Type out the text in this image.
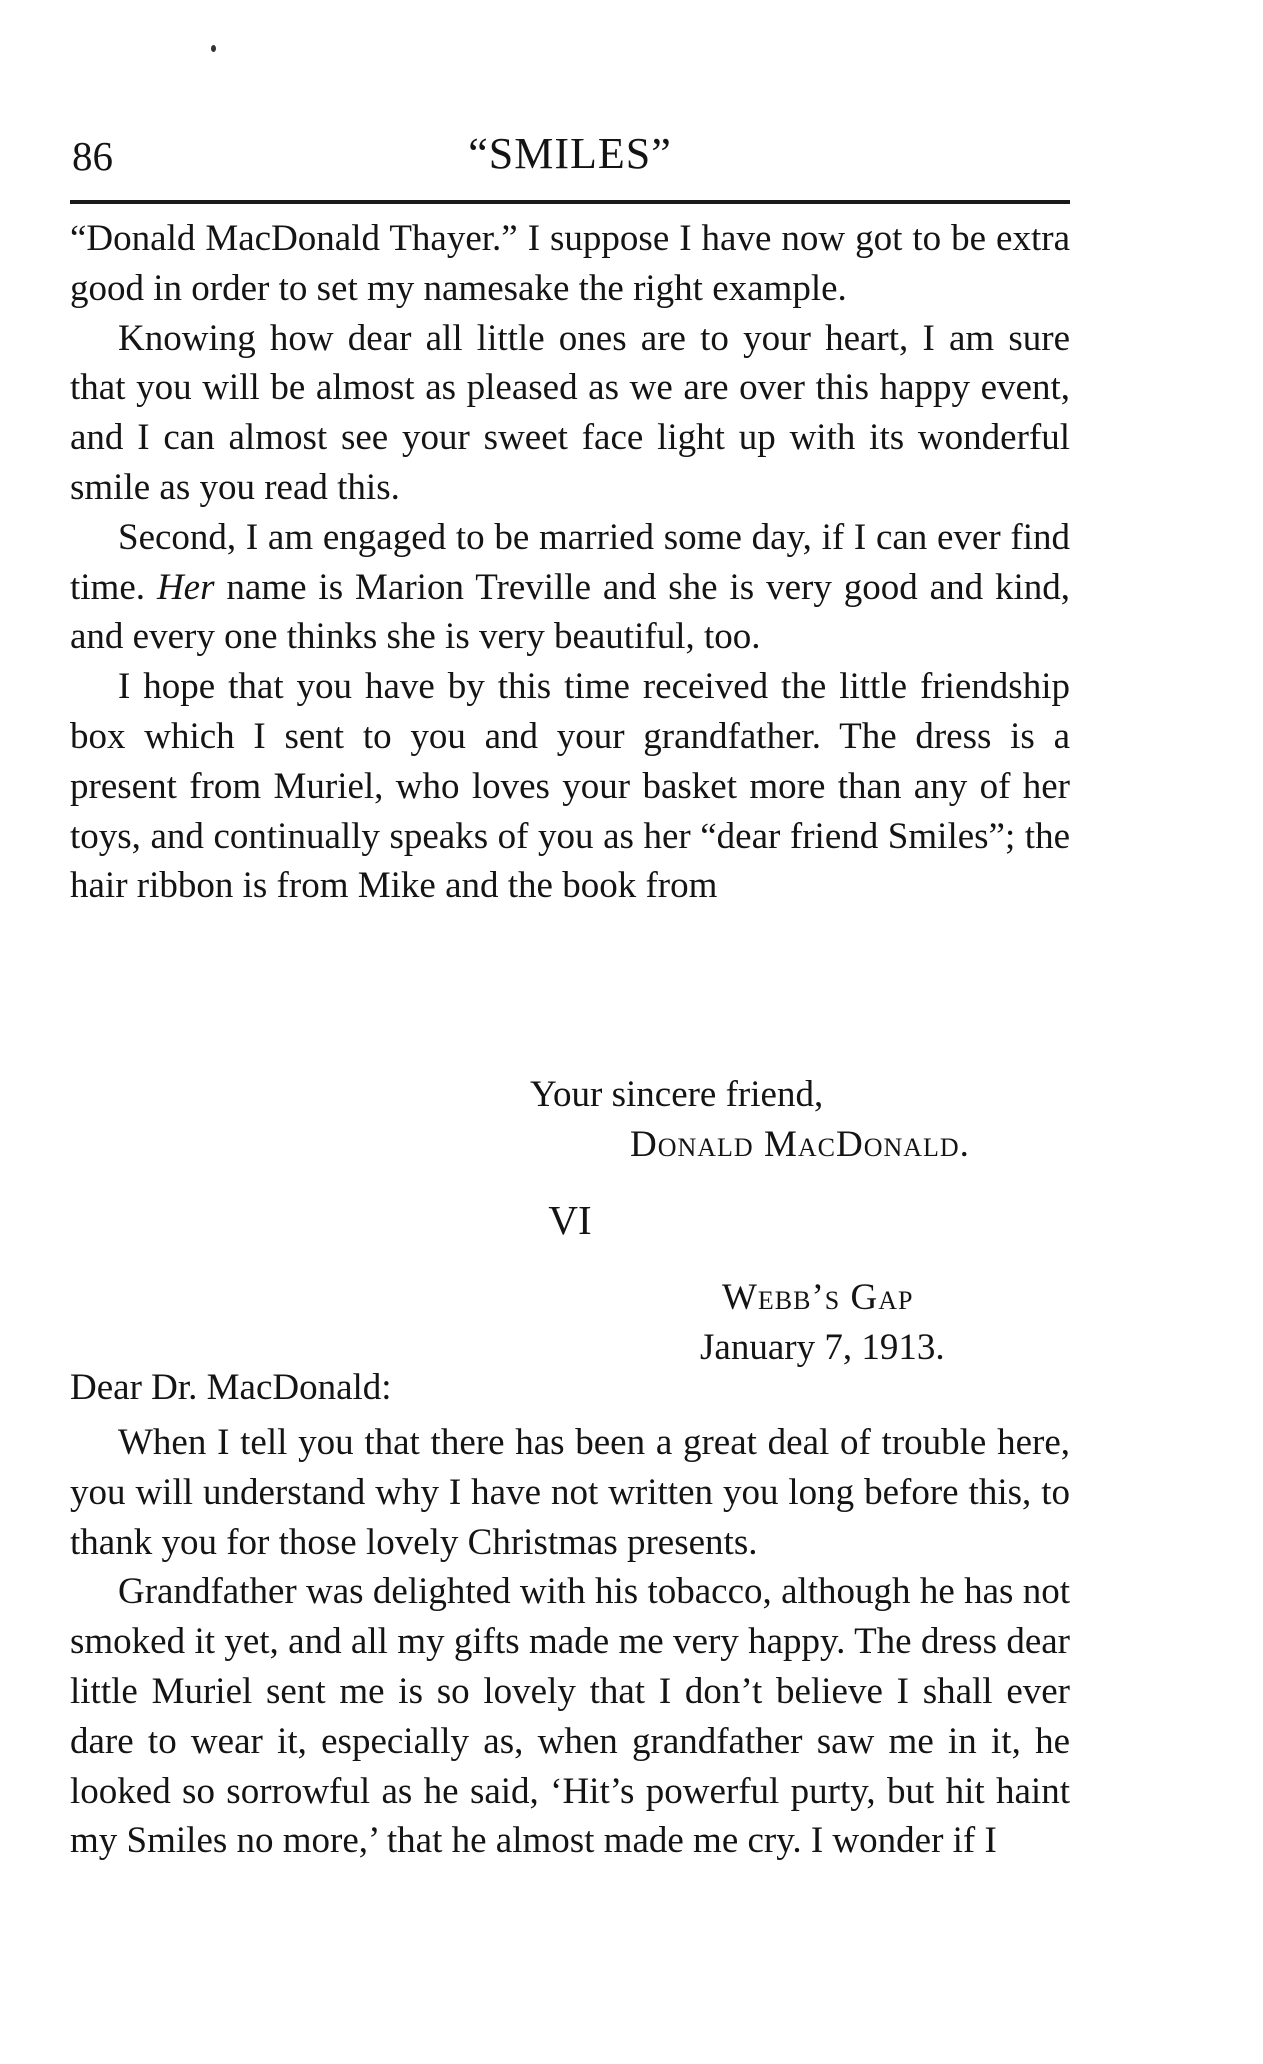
86	“SMILES”

“Donald MacDonald Thayer.” I suppose I have now got to be extra good in order to set my namesake the right example.

Knowing how dear all little ones are to your heart, I am sure that you will be almost as pleased as we are over this happy event, and I can almost see your sweet face light up with its wonderful smile as you read this.

Second, I am engaged to be married some day, if I can ever find time. Her name is Marion Treville and she is very good and kind, and every one thinks she is very beautiful, too.

I hope that you have by this time received the little friendship box which I sent to you and your grandfather. The dress is a present from Muriel, who loves your basket more than any of her toys, and continually speaks of you as her “dear friend Smiles”; the hair ribbon is from Mike and the book from

Your sincere friend,
Donald MacDonald.
VI
Webb’s Gap
January 7, 1913.
Dear Dr. MacDonald:

When I tell you that there has been a great deal of trouble here, you will understand why I have not written you long before this, to thank you for those lovely Christmas presents.

Grandfather was delighted with his tobacco, although he has not smoked it yet, and all my gifts made me very happy. The dress dear little Muriel sent me is so lovely that I don’t believe I shall ever dare to wear it, especially as, when grandfather saw me in it, he looked so sorrowful as he said, ‘Hit’s powerful purty, but hit haint my Smiles no more,’ that he almost made me cry. I wonder if I
